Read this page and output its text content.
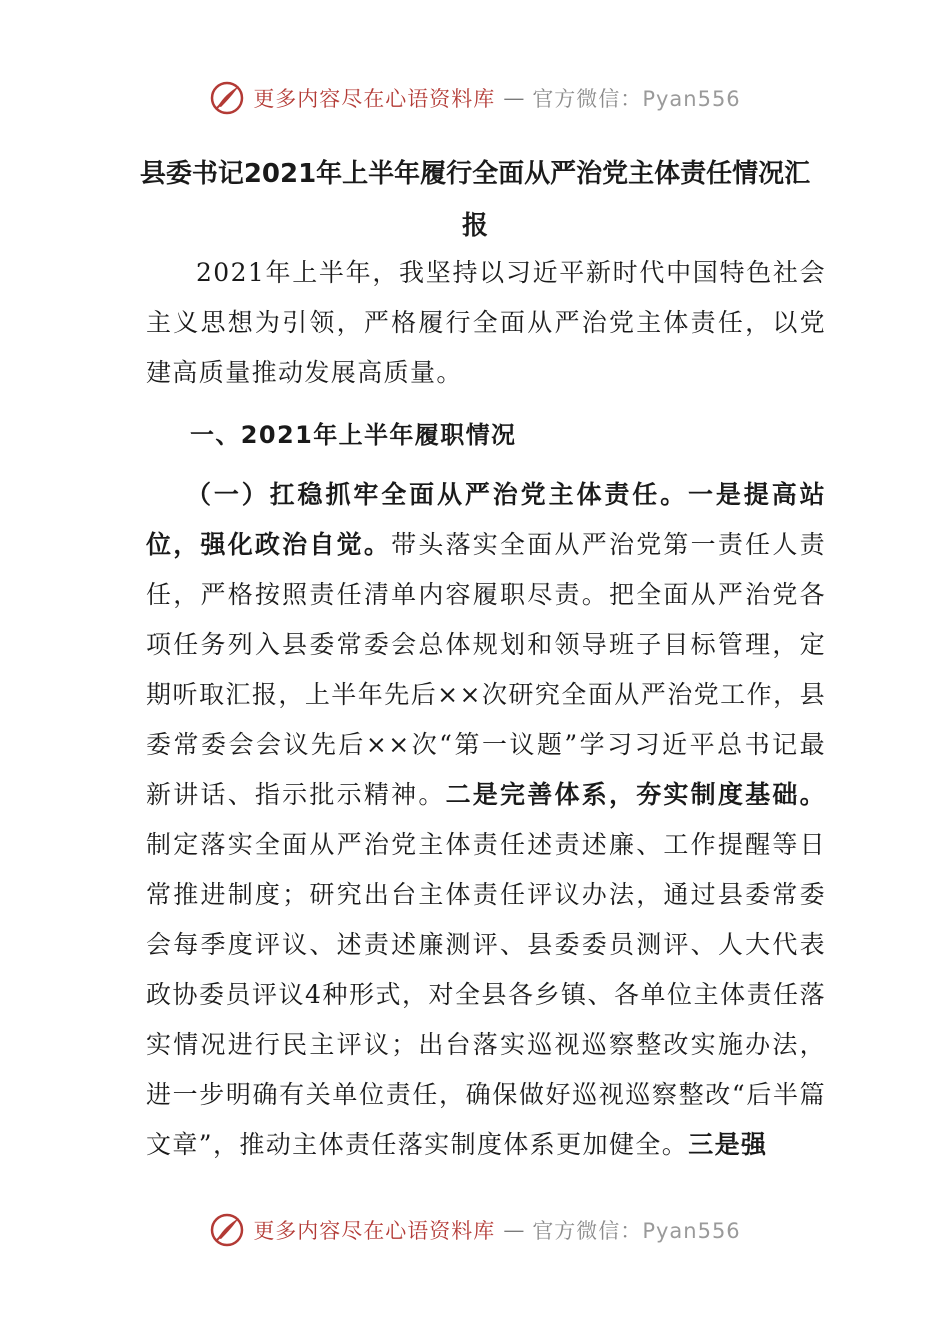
更多内容尽在心语资料库 — 官方微信：Pyan556
县委书记2021年上半年履行全面从严治党主体责任情况汇
报

2021年上半年，我坚持以习近平新时代中国特色社会主义思想为引领，严格履行全面从严治党主体责任，以党建高质量推动发展高质量。

一、2021年上半年履职情况

（一）扛稳抓牢全面从严治党主体责任。一是提高站位，强化政治自觉。带头落实全面从严治党第一责任人责任，严格按照责任清单内容履职尽责。把全面从严治党各项任务列入县委常委会总体规划和领导班子目标管理，定期听取汇报，上半年先后××次研究全面从严治党工作，县委常委会会议先后××次“第一议题”学习习近平总书记最新讲话、指示批示精神。二是完善体系，夯实制度基础。制定落实全面从严治党主体责任述责述廉、工作提醒等日常推进制度；研究出台主体责任评议办法，通过县委常委会每季度评议、述责述廉测评、县委委员测评、人大代表政协委员评议4种形式，对全县各乡镇、各单位主体责任落实情况进行民主评议；出台落实巡视巡察整改实施办法，进一步明确有关单位责任，确保做好巡视巡察整改“后半篇文章”，推动主体责任落实制度体系更加健全。三是强

更多内容尽在心语资料库 — 官方微信：Pyan556
